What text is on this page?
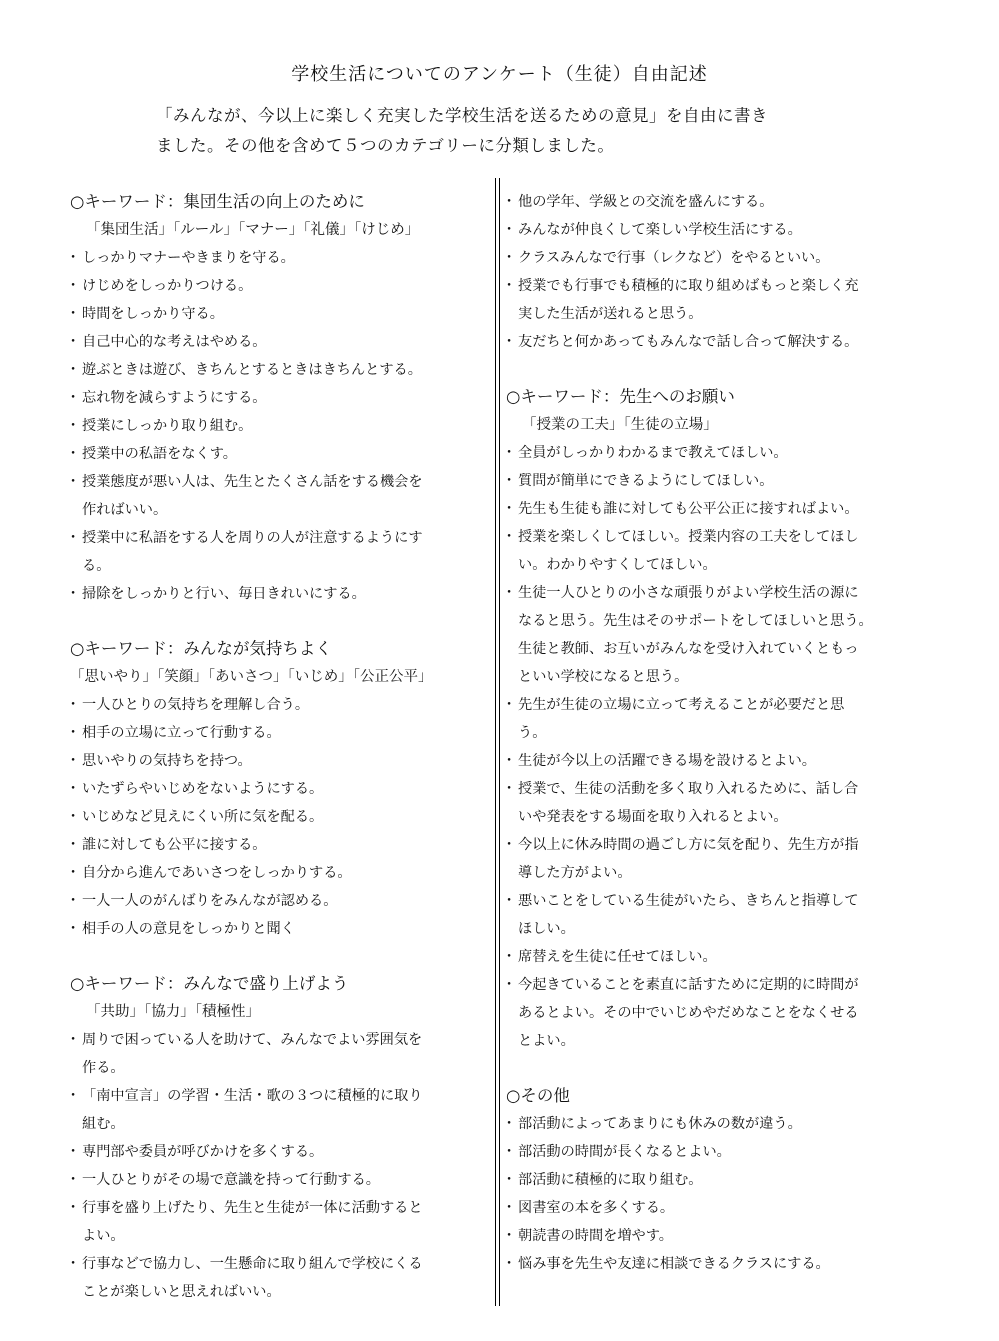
学校生活についてのアンケート（生徒）自由記述
「みんなが、今以上に楽しく充実した学校生活を送るための意見」を自由に書き
ました。その他を含めて５つのカテゴリーに分類しました。
○キーワード：集団生活の向上のために
「集団生活」「ルール」「マナー」「礼儀」「けじめ」
・ しっかりマナーやきまりを守る。
・ けじめをしっかりつける。
・ 時間をしっかり守る。
・ 自己中心的な考えはやめる。
・ 遊ぶときは遊び、きちんとするときはきちんとする。
・ 忘れ物を減らすようにする。
・ 授業にしっかり取り組む。
・ 授業中の私語をなくす。
・ 授業態度が悪い人は、先生とたくさん話をする機会を
作ればいい。
・ 授業中に私語をする人を周りの人が注意するようにす
る。
・ 掃除をしっかりと行い、毎日きれいにする。
○キーワード：みんなが気持ちよく
「思いやり」「笑顔」「あいさつ」「いじめ」「公正公平」
・ 一人ひとりの気持ちを理解し合う。
・ 相手の立場に立って行動する。
・ 思いやりの気持ちを持つ。
・ いたずらやいじめをないようにする。
・ いじめなど見えにくい所に気を配る。
・ 誰に対しても公平に接する。
・ 自分から進んであいさつをしっかりする。
・ 一人一人のがんばりをみんなが認める。
・ 相手の人の意見をしっかりと聞く
○キーワード：みんなで盛り上げよう
「共助」「協力」「積極性」
・ 周りで困っている人を助けて、みんなでよい雰囲気を
作る。
・ 「南中宣言」の学習・生活・歌の３つに積極的に取り
組む。
・ 専門部や委員が呼びかけを多くする。
・ 一人ひとりがその場で意識を持って行動する。
・ 行事を盛り上げたり、先生と生徒が一体に活動すると
よい。
・ 行事などで協力し、一生懸命に取り組んで学校にくる
ことが楽しいと思えればいい。
・ 他の学年、学級との交流を盛んにする。
・ みんなが仲良くして楽しい学校生活にする。
・ クラスみんなで行事（レクなど）をやるといい。
・ 授業でも行事でも積極的に取り組めばもっと楽しく充
実した生活が送れると思う。
・ 友だちと何かあってもみんなで話し合って解決する。
○キーワード：先生へのお願い
「授業の工夫」「生徒の立場」
・ 全員がしっかりわかるまで教えてほしい。
・ 質問が簡単にできるようにしてほしい。
・ 先生も生徒も誰に対しても公平公正に接すればよい。
・ 授業を楽しくしてほしい。授業内容の工夫をしてほし
い。わかりやすくしてほしい。
・ 生徒一人ひとりの小さな頑張りがよい学校生活の源に
なると思う。先生はそのサポートをしてほしいと思う。
生徒と教師、お互いがみんなを受け入れていくともっ
といい学校になると思う。
・ 先生が生徒の立場に立って考えることが必要だと思
う。
・ 生徒が今以上の活躍できる場を設けるとよい。
・ 授業で、生徒の活動を多く取り入れるために、話し合
いや発表をする場面を取り入れるとよい。
・ 今以上に休み時間の過ごし方に気を配り、先生方が指
導した方がよい。
・ 悪いことをしている生徒がいたら、きちんと指導して
ほしい。
・ 席替えを生徒に任せてほしい。
・ 今起きていることを素直に話すために定期的に時間が
あるとよい。その中でいじめやだめなことをなくせる
とよい。
○その他
・ 部活動によってあまりにも休みの数が違う。
・ 部活動の時間が長くなるとよい。
・ 部活動に積極的に取り組む。
・ 図書室の本を多くする。
・ 朝読書の時間を増やす。
・ 悩み事を先生や友達に相談できるクラスにする。
